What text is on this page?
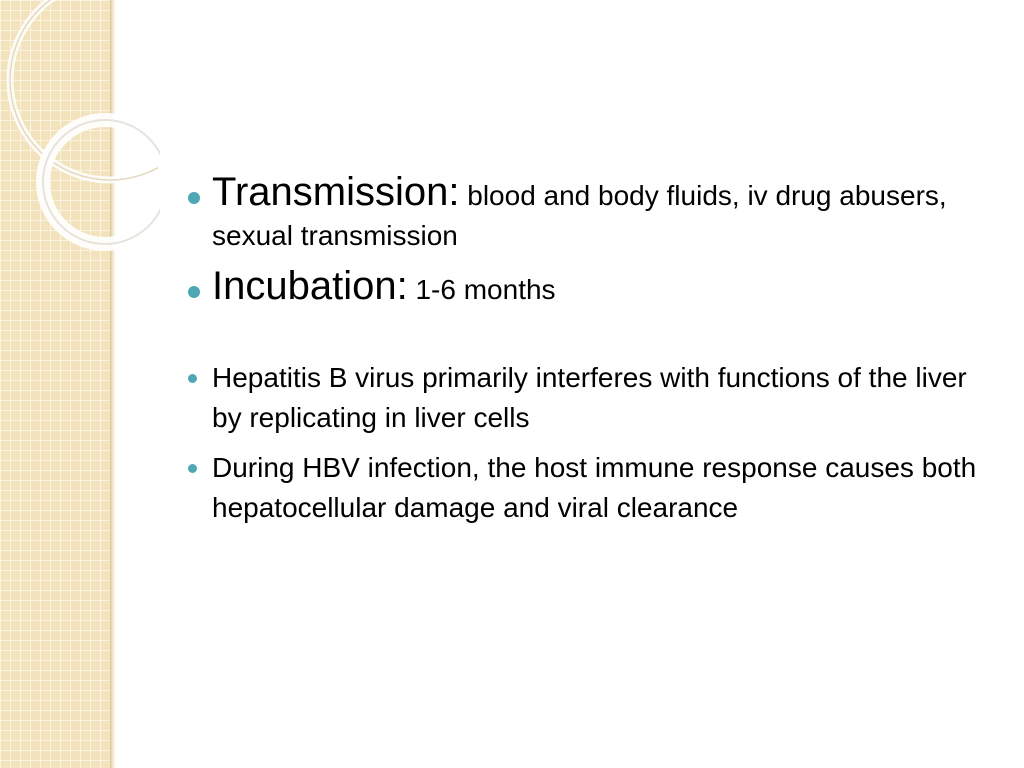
Transmission: blood and body fluids, iv drug abusers, sexual transmission
Incubation: 1-6 months
Hepatitis B virus primarily interferes with functions of the liver by replicating in liver cells
During HBV infection, the host immune response causes both hepatocellular damage and viral clearance
